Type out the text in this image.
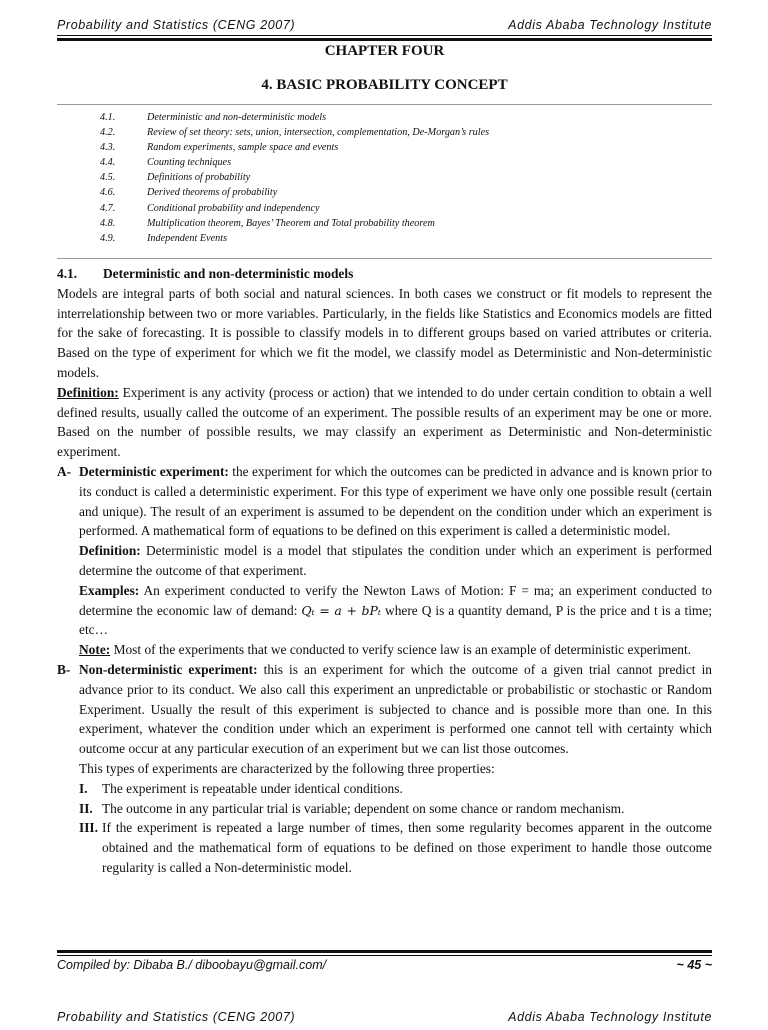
Probability and Statistics (CENG 2007)	Addis Ababa Technology Institute
CHAPTER FOUR
4. BASIC PROBABILITY CONCEPT
4.1.	Deterministic and non-deterministic models
4.2.	Review of set theory: sets, union, intersection, complementation, De-Morgan’s rules
4.3.	Random experiments, sample space and events
4.4.	Counting techniques
4.5.	Definitions of probability
4.6.	Derived theorems of probability
4.7.	Conditional probability and independency
4.8.	Multiplication theorem, Bayes’ Theorem and Total probability theorem
4.9.	Independent Events

4.1. Deterministic and non-deterministic models

Models are integral parts of both social and natural sciences. In both cases we construct or fit models to represent the interrelationship between two or more variables. Particularly, in the fields like Statistics and Economics models are fitted for the sake of forecasting. It is possible to classify models in to different groups based on varied attributes or criteria. Based on the type of experiment for which we fit the model, we classify model as Deterministic and Non-deterministic models.

Definition: Experiment is any activity (process or action) that we intended to do under certain condition to obtain a well defined results, usually called the outcome of an experiment. The possible results of an experiment may be one or more. Based on the number of possible results, we may classify an experiment as Deterministic and Non-deterministic experiment.

A- Deterministic experiment: the experiment for which the outcomes can be predicted in advance and is known prior to its conduct is called a deterministic experiment. For this type of experiment we have only one possible result (certain and unique). The result of an experiment is assumed to be dependent on the condition under which an experiment is performed. A mathematical form of equations to be defined on this experiment is called a deterministic model.

Definition: Deterministic model is a model that stipulates the condition under which an experiment is performed determine the outcome of that experiment.

Examples: An experiment conducted to verify the Newton Laws of Motion: F = ma; an experiment conducted to determine the economic law of demand: Qₜ = a + bPₜ where Q is a quantity demand, P is the price and t is a time; etc…

Note: Most of the experiments that we conducted to verify science law is an example of deterministic experiment.

B- Non-deterministic experiment: this is an experiment for which the outcome of a given trial cannot predict in advance prior to its conduct. We also call this experiment an unpredictable or probabilistic or stochastic or Random Experiment. Usually the result of this experiment is subjected to chance and is possible more than one. In this experiment, whatever the condition under which an experiment is performed one cannot tell with certainty which outcome occur at any particular execution of an experiment but we can list those outcomes.

This types of experiments are characterized by the following three properties:

I.	The experiment is repeatable under identical conditions.
II. The outcome in any particular trial is variable; dependent on some chance or random mechanism.
III. If the experiment is repeated a large number of times, then some regularity becomes apparent in the outcome obtained and the mathematical form of equations to be defined on those experiment to handle those outcome regularity is called a Non-deterministic model.
Compiled by: Dibaba B./ diboobayu@gmail.com/	~ 45 ~
Probability and Statistics (CENG 2007)	Addis Ababa Technology Institute
